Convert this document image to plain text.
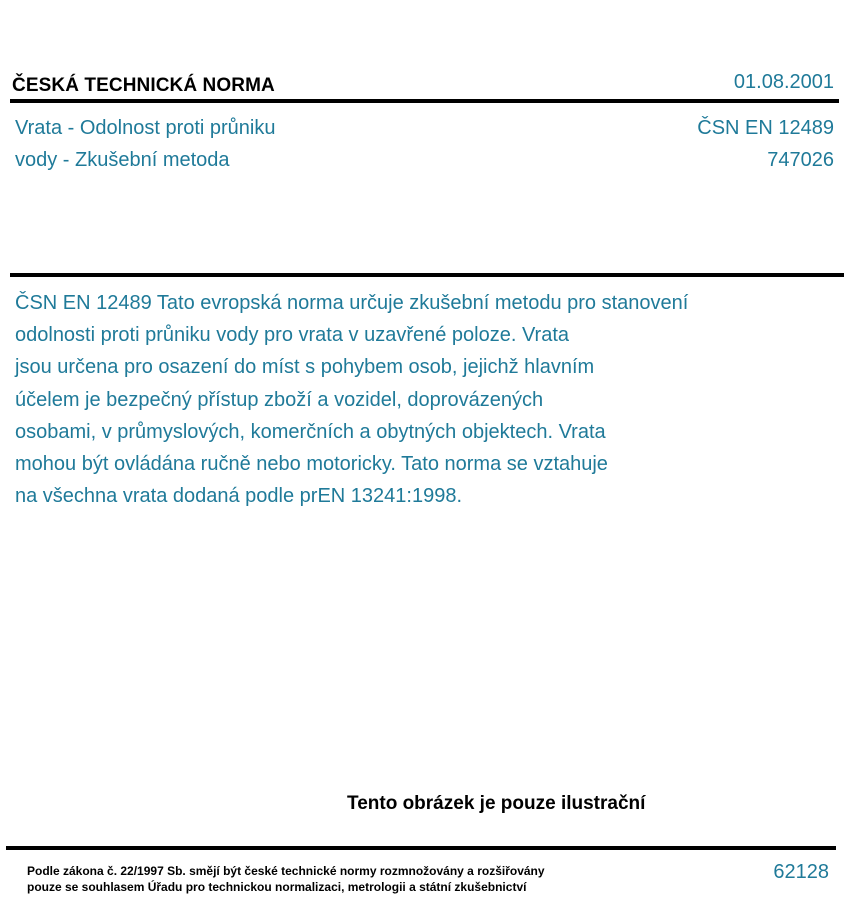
ČESKÁ TECHNICKÁ NORMA	01.08.2001
Vrata - Odolnost proti průniku
vody - Zkušební metoda
ČSN EN 12489
747026
ČSN EN 12489 Tato evropská norma určuje zkušební metodu pro stanovení
odolnosti proti průniku vody pro vrata v uzavřené poloze. Vrata
jsou určena pro osazení do míst s pohybem osob, jejichž hlavním
účelem je bezpečný přístup zboží a vozidel, doprovázených
osobami, v průmyslových, komerčních a obytných objektech. Vrata
mohou být ovládána ručně nebo motoricky. Tato norma se vztahuje
na všechna vrata dodaná podle prEN 13241:1998.
Tento obrázek je pouze ilustrační
Podle zákona č. 22/1997 Sb. smějí být české technické normy rozmnožovány a rozšiřovány
pouze se souhlasem Úřadu pro technickou normalizaci, metrologii a státní zkušebnictví
62128
